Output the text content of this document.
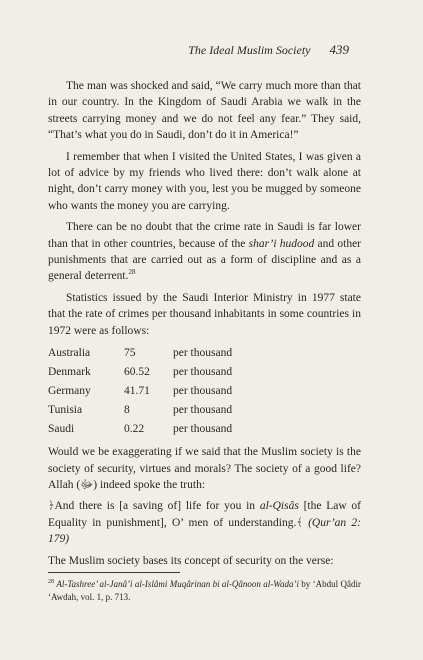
The Ideal Muslim Society 439

The man was shocked and said, “We carry much more than that in our country. In the Kingdom of Saudi Arabia we walk in the streets carrying money and we do not feel any fear.” They said, “That’s what you do in Saudi, don’t do it in America!”

I remember that when I visited the United States, I was given a lot of advice by my friends who lived there: don’t walk alone at night, don’t carry money with you, lest you be mugged by someone who wants the money you are carrying.

There can be no doubt that the crime rate in Saudi is far lower than that in other countries, because of the shar’i hudood and other punishments that are carried out as a form of discipline and as a general deterrent.$^{28}$

Statistics issued by the Saudi Interior Ministry in 1977 state that the rate of crimes per thousand inhabitants in some countries in 1972 were as follows:

Australia	75	per thousand
Denmark	60.52	per thousand
Germany	41.71	per thousand
Tunisia	8	per thousand
Saudi	0.22	per thousand

Would we be exaggerating if we said that the Muslim society is the society of security, virtues and morals? The society of a good life? Allah (ﷻ) indeed spoke the truth:

﴿And there is [a saving of] life for you in al-Qisâs [the Law of Equality in punishment], O’ men of understanding.﴾ (Qur’an 2: 179)

The Muslim society bases its concept of security on the verse:

$^{28}$ Al-Tashree’ al-Janâ’i al-Islâmi Muqârinan bi al-Qânoon al-Wada’i by ‘Abdul Qâdir ‘Awdah, vol. 1, p. 713.
